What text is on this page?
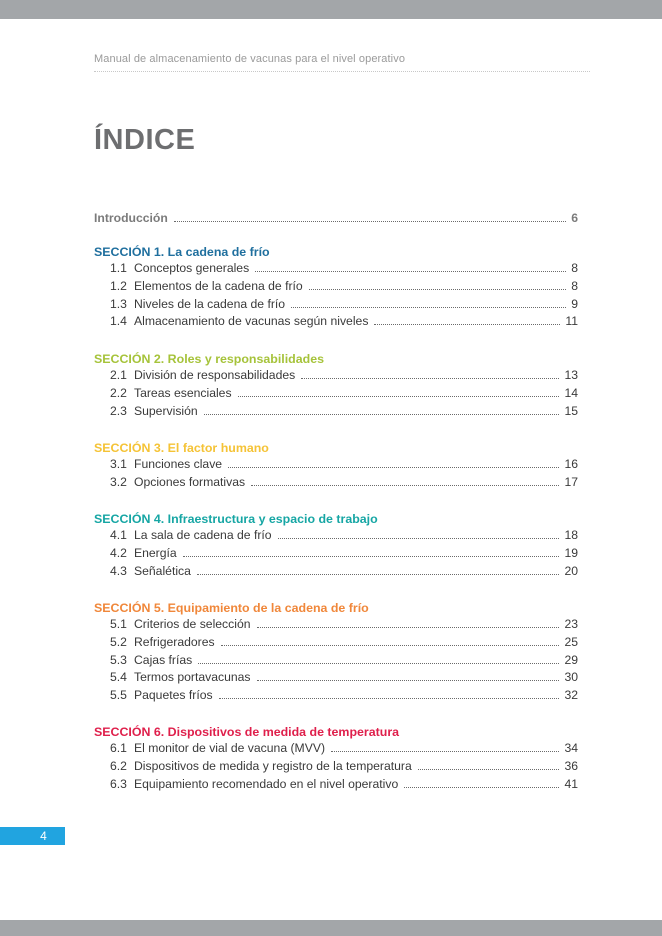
Manual de almacenamiento de vacunas para el nivel operativo
ÍNDICE
Introducción	6
SECCIÓN 1. La cadena de frío
1.1 Conceptos generales	8
1.2 Elementos de la cadena de frío	8
1.3 Niveles de la cadena de frío	9
1.4 Almacenamiento de vacunas según niveles	11
SECCIÓN 2. Roles y responsabilidades
2.1 División de responsabilidades	13
2.2 Tareas esenciales	14
2.3 Supervisión	15
SECCIÓN 3. El factor humano
3.1 Funciones clave	16
3.2 Opciones formativas	17
SECCIÓN 4. Infraestructura y espacio de trabajo
4.1 La sala de cadena de frío	18
4.2 Energía	19
4.3 Señalética	20
SECCIÓN 5. Equipamiento de la cadena de frío
5.1 Criterios de selección	23
5.2 Refrigeradores	25
5.3 Cajas frías	29
5.4 Termos portavacunas	30
5.5 Paquetes fríos	32
SECCIÓN 6. Dispositivos de medida de temperatura
6.1 El monitor de vial de vacuna (MVV)	34
6.2 Dispositivos de medida y registro de la temperatura	36
6.3 Equipamiento recomendado en el nivel operativo	41
4
